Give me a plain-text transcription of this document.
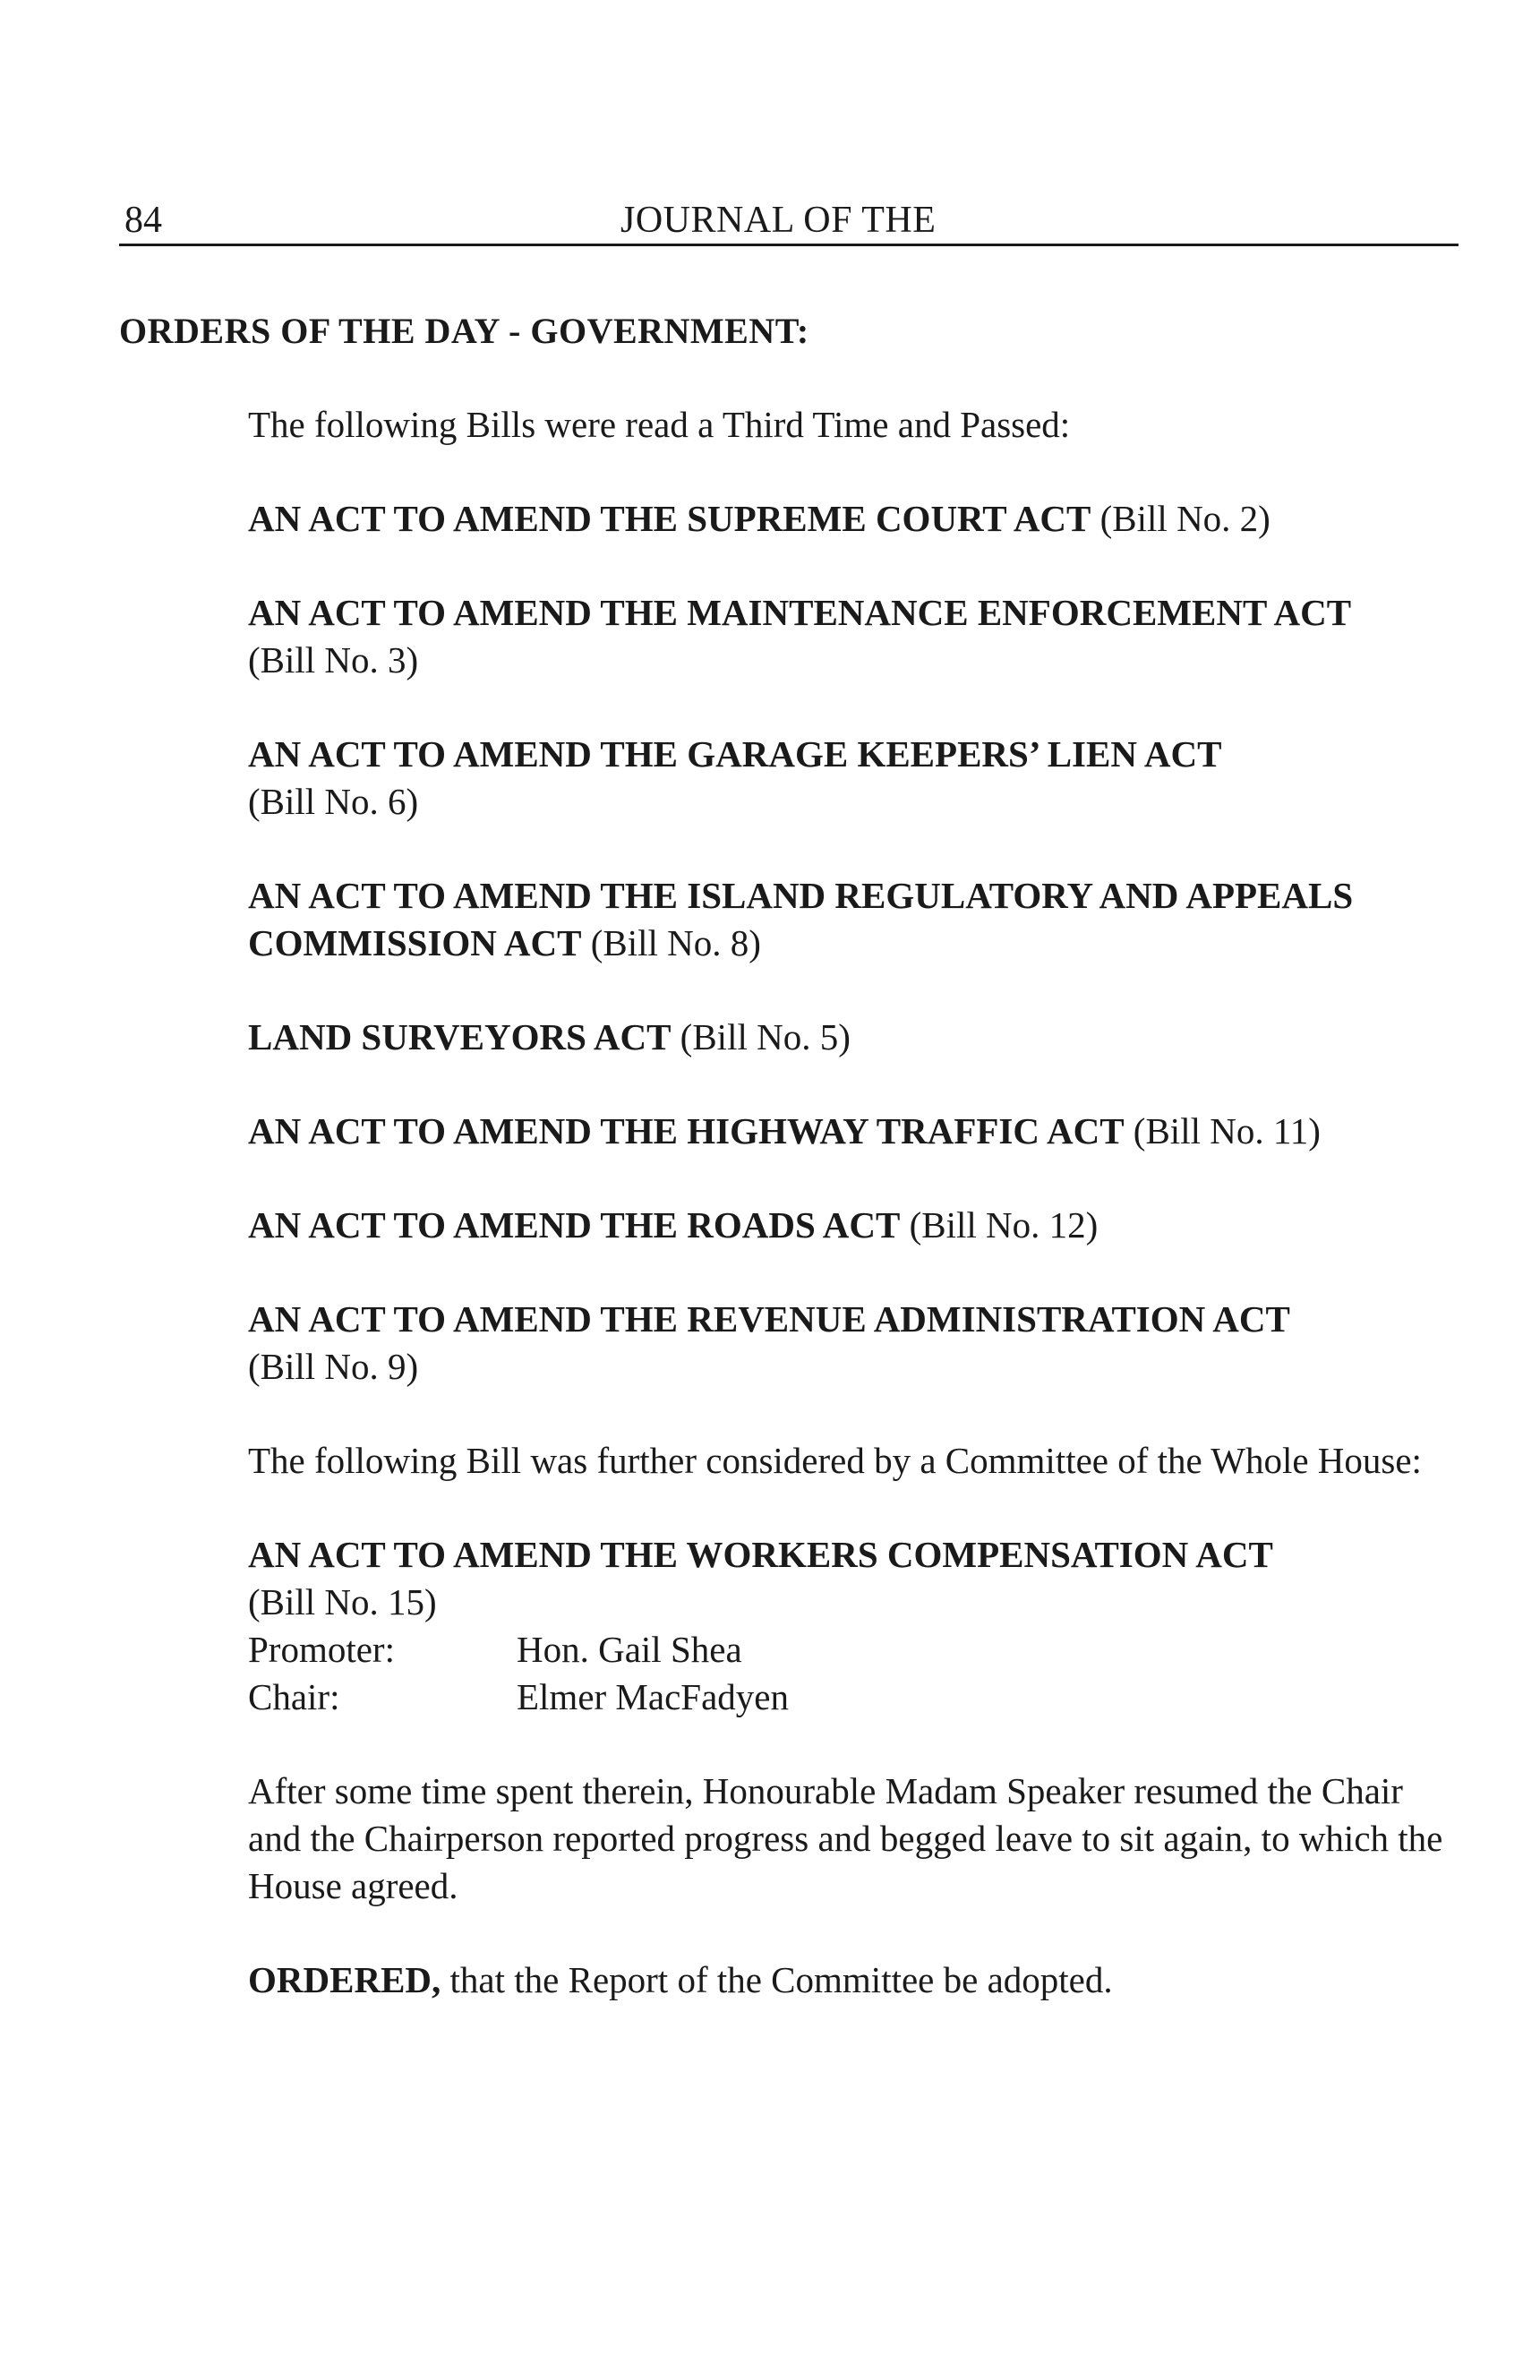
84	JOURNAL OF THE
ORDERS OF THE DAY - GOVERNMENT:

The following Bills were read a Third Time and Passed:

AN ACT TO AMEND THE SUPREME COURT ACT (Bill No. 2)

AN ACT TO AMEND THE MAINTENANCE ENFORCEMENT ACT
(Bill No. 3)

AN ACT TO AMEND THE GARAGE KEEPERS’ LIEN ACT
(Bill No. 6)

AN ACT TO AMEND THE ISLAND REGULATORY AND APPEALS COMMISSION ACT (Bill No. 8)

LAND SURVEYORS ACT (Bill No. 5)

AN ACT TO AMEND THE HIGHWAY TRAFFIC ACT (Bill No. 11)

AN ACT TO AMEND THE ROADS ACT (Bill No. 12)

AN ACT TO AMEND THE REVENUE ADMINISTRATION ACT
(Bill No. 9)

The following Bill was further considered by a Committee of the Whole House:

AN ACT TO AMEND THE WORKERS COMPENSATION ACT
(Bill No. 15)
Promoter:	Hon. Gail Shea
Chair:	Elmer MacFadyen

After some time spent therein, Honourable Madam Speaker resumed the Chair and the Chairperson reported progress and begged leave to sit again, to which the House agreed.

ORDERED, that the Report of the Committee be adopted.
